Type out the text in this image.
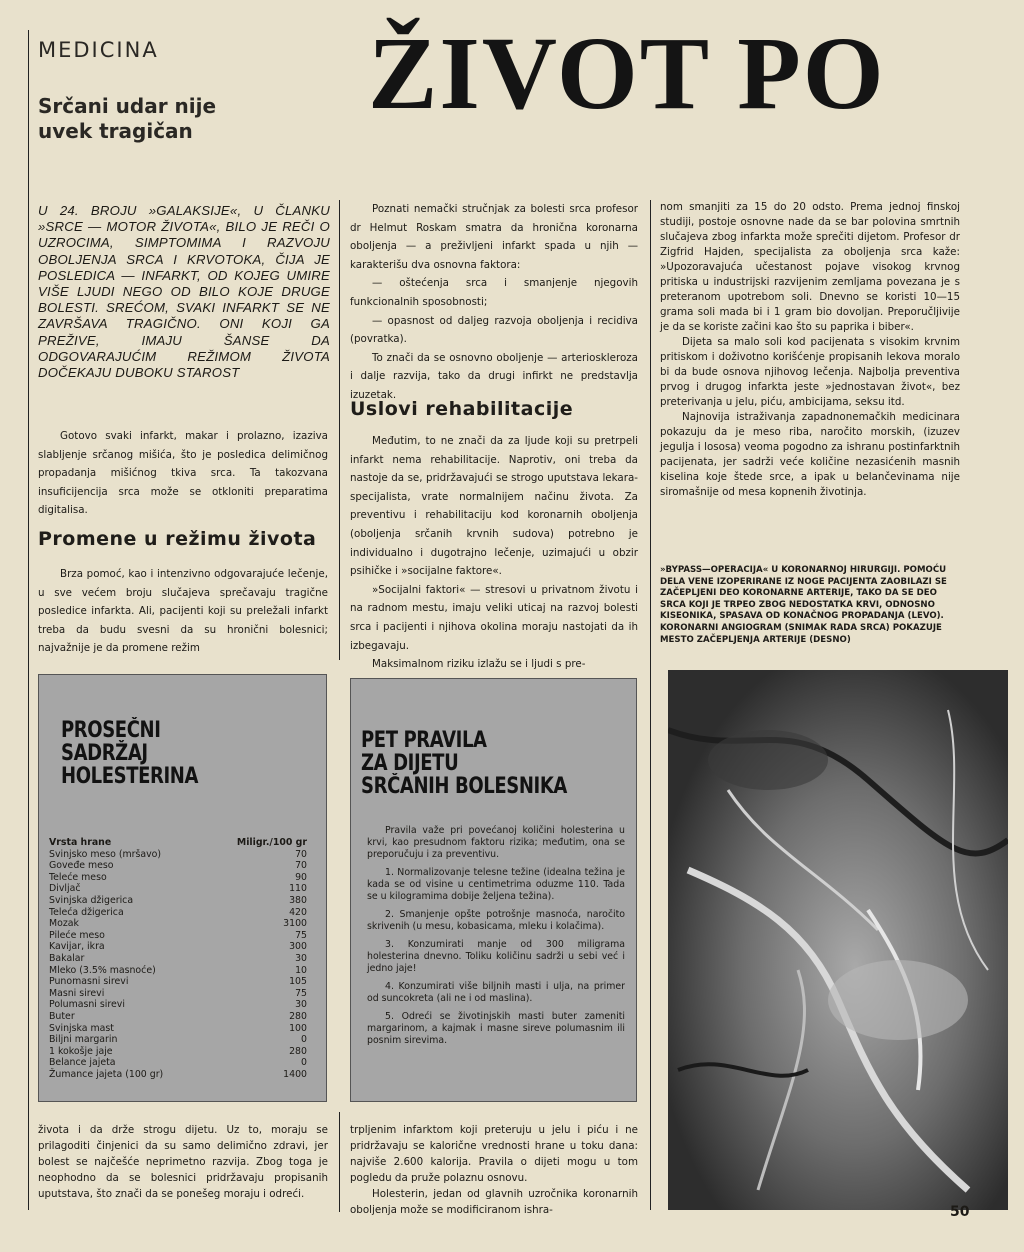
MEDICINA
Srčani udar nije uvek tragičan	ŽIVOT PO
U 24. BROJU »GALAKSIJE«, U ČLANKU »SRCE — MOTOR ŽIVOTA«, BILO JE REČI O UZROCIMA, SIMPTOMIMA I RAZVOJU OBOLJENJA SRCA I KRVOTOKA, ČIJA JE POSLEDICA — INFARKT, OD KOJEG UMIRE VIŠE LJUDI NEGO OD BILO KOJE DRUGE BOLESTI. SREĆOM, SVAKI INFARKT SE NE ZAVRŠAVA TRAGIČNO. ONI KOJI GA PREŽIVE, IMAJU ŠANSE DA ODGOVARAJUĆIM REŽIMOM ŽIVOTA DOČEKAJU DUBOKU STAROST

Gotovo svaki infarkt, makar i prolazno, izaziva slabljenje srčanog mišića, što je posledica delimičnog propadanja mišićnog tkiva srca. Ta takozvana insuficijencija srca može se otkloniti preparatima digitalisa.

Promene u režimu života

Brza pomoć, kao i intenzivno odgovarajuće lečenje, u sve većem broju slučajeva sprečavaju tragične posledice infarkta. Ali, pacijenti koji su preležali infarkt treba da budu svesni da su hronični bolesnici; najvažnije je da promene režim

života i da drže strogu dijetu. Uz to, moraju se prilagoditi činjenici da su samo delimično zdravi, jer bolest se najčešće neprimetno razvija. Zbog toga je neophodno da se bolesnici pridržavaju propisanih uputstava, što znači da se ponešeg moraju i odreći.

Poznati nemački stručnjak za bolesti srca profesor dr Helmut Roskam smatra da hronična koronarna oboljenja — a preživljeni infarkt spada u njih — karakterišu dva osnovna faktora:

— oštećenja srca i smanjenje njegovih funkcionalnih sposobnosti;

— opasnost od daljeg razvoja oboljenja i recidiva (povratka).

To znači da se osnovno oboljenje — arterioskleroza i dalje razvija, tako da drugi infirkt ne predstavlja izuzetak.

Uslovi rehabilitacije

Međutim, to ne znači da za ljude koji su pretrpeli infarkt nema rehabilitacije. Naprotiv, oni treba da nastoje da se, pridržavajući se strogo uputstava lekara-specijalista, vrate normalnijem načinu života. Za preventivu i rehabilitaciju kod koronarnih oboljenja (oboljenja srčanih krvnih sudova) potrebno je individualno i dugotrajno lečenje, uzimajući u obzir psihičke i »socijalne faktore«.

»Socijalni faktori« — stresovi u privatnom životu i na radnom mestu, imaju veliki uticaj na razvoj bolesti srca i pacijenti i njihova okolina moraju nastojati da ih izbegavaju.

Maksimalnom riziku izlažu se i ljudi s pre-

trpljenim infarktom koji preteruju u jelu i piću i ne pridržavaju se kalorične vrednosti hrane u toku dana: najviše 2.600 kalorija. Pravila o dijeti mogu u tom pogledu da pruže polaznu osnovu.

Holesterin, jedan od glavnih uzročnika koronarnih oboljenja može se modificiranom ishra-

nom smanjiti za 15 do 20 odsto. Prema jednoj finskoj studiji, postoje osnovne nade da se bar polovina smrtnih slučajeva zbog infarkta može sprečiti dijetom. Profesor dr Zigfrid Hajden, specijalista za oboljenja srca kaže: »Upozoravajuća učestanost pojave visokog krvnog pritiska u industrijski razvijenim zemljama povezana je s preteranom upotrebom soli. Dnevno se koristi 10—15 grama soli mada bi i 1 gram bio dovoljan. Preporučljivije je da se koriste začini kao što su paprika i biber«.

Dijeta sa malo soli kod pacijenata s visokim krvnim pritiskom i doživotno korišćenje propisanih lekova moralo bi da bude osnova njihovog lečenja. Najbolja preventiva prvog i drugog infarkta jeste »jednostavan život«, bez preterivanja u jelu, piću, ambicijama, seksu itd.

Najnovija istraživanja zapadnonemačkih medicinara pokazuju da je meso riba, naročito morskih, (izuzev jegulja i lososa) veoma pogodno za ishranu postinfarktnih pacijenata, jer sadrži veće količine nezasićenih masnih kiselina koje štede srce, a ipak u belančevinama nije siromašnije od mesa kopnenih životinja.

»BYPASS—OPERACIJA« U KORONARNOJ HIRURGIJI. POMOĆU DELA VENE IZOPERIRANE IZ NOGE PACIJENTA ZAOBILAZI SE ZAČEPLJENI DEO KORONARNE ARTERIJE, TAKO DA SE DEO SRCA KOJI JE TRPEO ZBOG NEDOSTATKA KRVI, ODNOSNO KISEONIKA, SPASAVA OD KONAČNOG PROPADANJA (LEVO). KORONARNI ANGIOGRAM (SNIMAK RADA SRCA) POKAZUJE MESTO ZAČEPLJENJA ARTERIJE (DESNO)
PROSEČNI
SADRŽAJ
HOLESTERINA
Vrsta hrane	Miligr./100 gr
Svinjsko meso (mršavo)	70
Goveđe meso	70
Teleće meso	90
Divljač	110
Svinjska džigerica	380
Teleća džigerica	420
Mozak	3100
Pileće meso	75
Kavijar, ikra	300
Bakalar	30
Mleko (3.5% masnoće)	10
Punomasni sirevi	105
Masni sirevi	75
Polumasni sirevi	30
Buter	280
Svinjska mast	100
Biljni margarin	0
1 kokošje jaje	280
Belance jajeta	0
Žumance jajeta (100 gr)	1400
PET PRAVILA
ZA DIJETU
SRČANIH BOLESNIKA

Pravila važe pri povećanoj količini holesterina u krvi, kao presudnom faktoru rizika; međutim, ona se preporučuju i za preventivu.

1. Normalizovanje telesne težine (idealna težina je kada se od visine u centimetrima oduzme 110. Tada se u kilogramima dobije željena težina).

2. Smanjenje opšte potrošnje masnoća, naročito skrivenih (u mesu, kobasicama, mleku i kolačima).

3. Konzumirati manje od 300 miligrama holesterina dnevno. Toliku količinu sadrži u sebi već i jedno jaje!

4. Konzumirati više biljnih masti i ulja, na primer od suncokreta (ali ne i od maslina).

5. Odreći se životinjskih masti buter zameniti margarinom, a kajmak i masne sireve polumasnim ili posnim sirevima.

50
